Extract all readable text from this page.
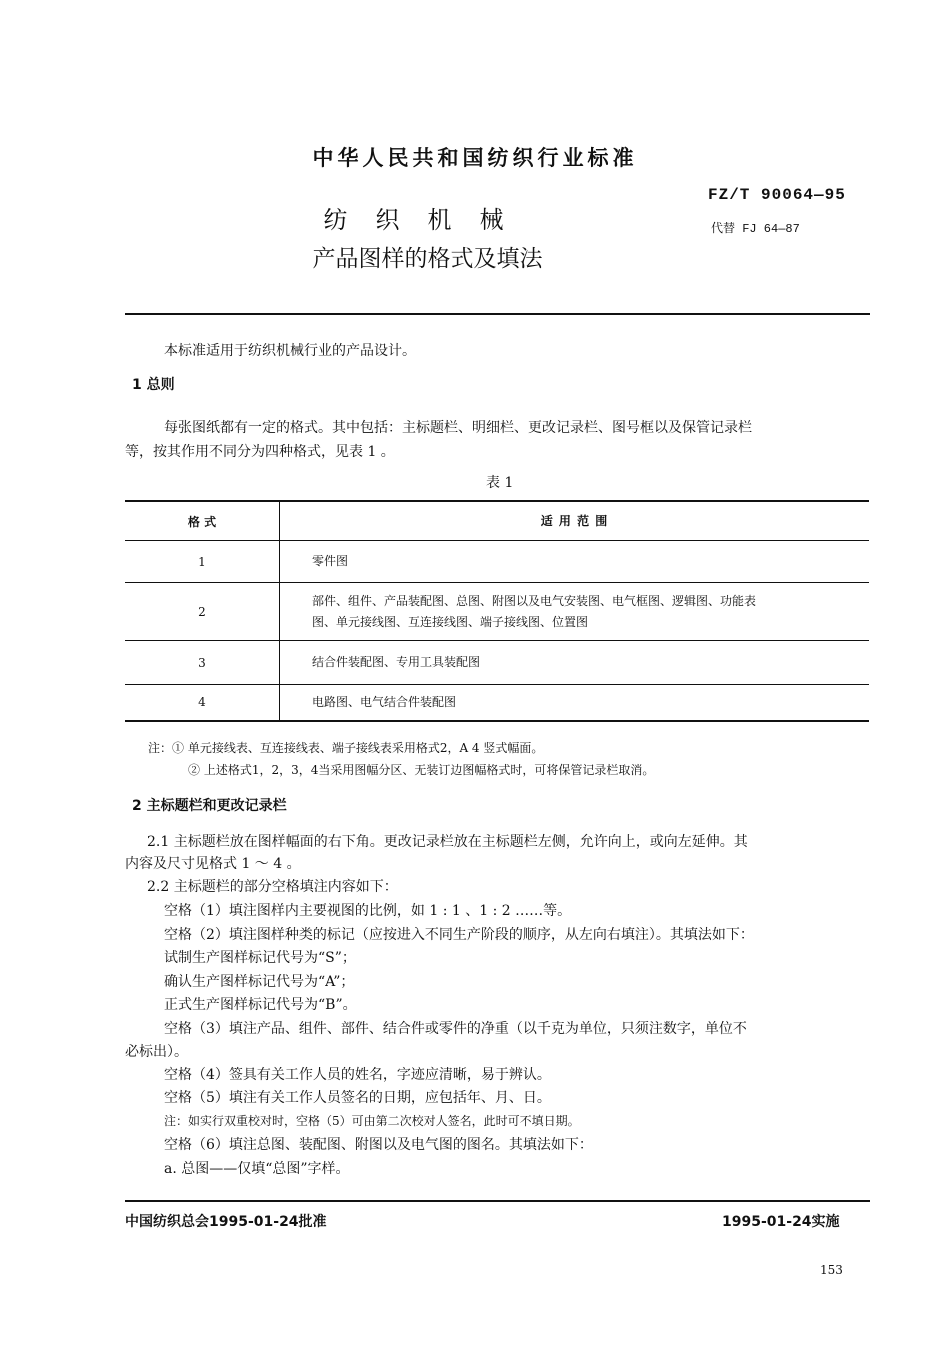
中华人民共和国纺织行业标准
FZ/T 90064—95
代替 FJ 64—87
纺织机械
产品图样的格式及填法
本标准适用于纺织机械行业的产品设计。
1 总则
每张图纸都有一定的格式。其中包括：主标题栏、明细栏、更改记录栏、图号框以及保管记录栏
等，按其作用不同分为四种格式，见表 1 。
表 1
格 式	适 用 范 围
1	零件图
2	部件、组件、产品装配图、总图、附图以及电气安装图、电气框图、逻辑图、功能表
图、单元接线图、互连接线图、端子接线图、位置图

3	结合件装配图、专用工具装配图
4	电路图、电气结合件装配图
注：① 单元接线表、互连接线表、端子接线表采用格式2，A 4 竖式幅面。
② 上述格式1，2，3，4当采用图幅分区、无装订边图幅格式时，可将保管记录栏取消。
2 主标题栏和更改记录栏
2.1 主标题栏放在图样幅面的右下角。更改记录栏放在主标题栏左侧，允许向上，或向左延伸。其
内容及尺寸见格式 1 ～ 4 。
2.2 主标题栏的部分空格填注内容如下：
空格（1）填注图样内主要视图的比例，如 1 : 1 、1 : 2 ……等。
空格（2）填注图样种类的标记（应按进入不同生产阶段的顺序，从左向右填注）。其填法如下：
试制生产图样标记代号为“S”；
确认生产图样标记代号为“A”；
正式生产图样标记代号为“B”。
空格（3）填注产品、组件、部件、结合件或零件的净重（以千克为单位，只须注数字，单位不
必标出）。
空格（4）签具有关工作人员的姓名，字迹应清晰，易于辨认。
空格（5）填注有关工作人员签名的日期，应包括年、月、日。
注：如实行双重校对时，空格（5）可由第二次校对人签名，此时可不填日期。
空格（6）填注总图、装配图、附图以及电气图的图名。其填法如下：
a. 总图——仅填“总图”字样。
中国纺织总会1995-01-24批准	1995-01-24实施
153
